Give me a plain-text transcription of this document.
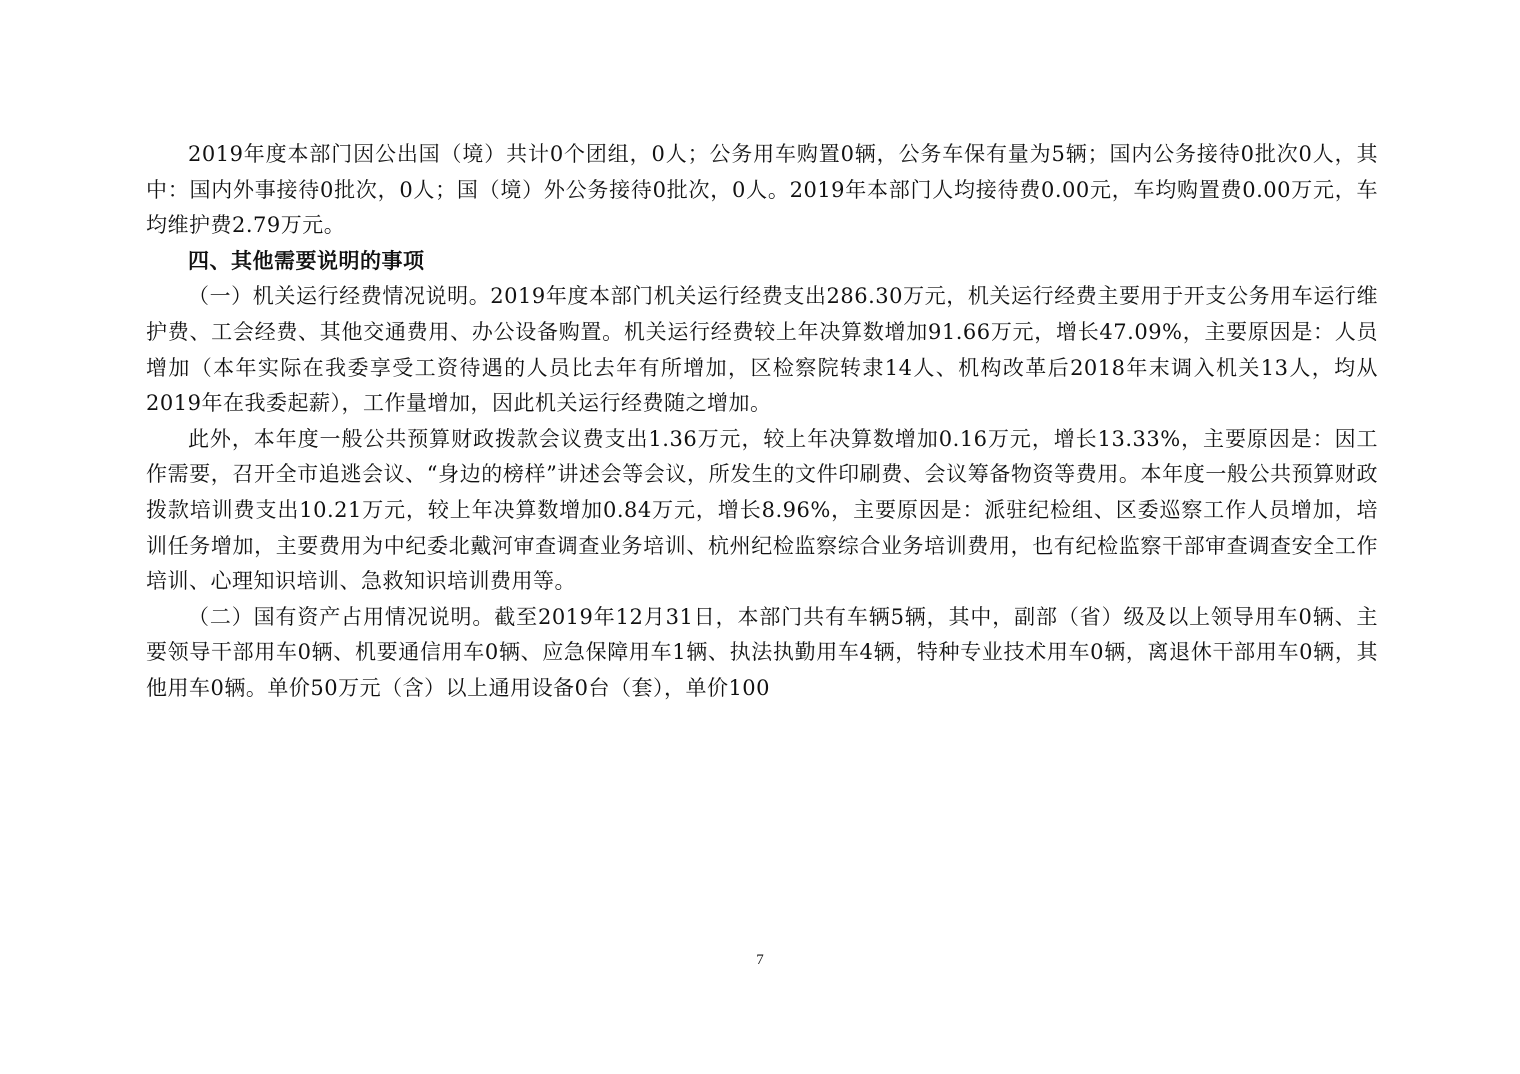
2019年度本部门因公出国（境）共计0个团组，0人；公务用车购置0辆，公务车保有量为5辆；国内公务接待0批次0人，其中：国内外事接待0批次，0人；国（境）外公务接待0批次，0人。2019年本部门人均接待费0.00元，车均购置费0.00万元，车均维护费2.79万元。

四、其他需要说明的事项

（一）机关运行经费情况说明。2019年度本部门机关运行经费支出286.30万元，机关运行经费主要用于开支公务用车运行维护费、工会经费、其他交通费用、办公设备购置。机关运行经费较上年决算数增加91.66万元，增长47.09%，主要原因是：人员增加（本年实际在我委享受工资待遇的人员比去年有所增加，区检察院转隶14人、机构改革后2018年末调入机关13人，均从2019年在我委起薪），工作量增加，因此机关运行经费随之增加。

此外，本年度一般公共预算财政拨款会议费支出1.36万元，较上年决算数增加0.16万元，增长13.33%，主要原因是：因工作需要，召开全市追逃会议、“身边的榜样”讲述会等会议，所发生的文件印刷费、会议筹备物资等费用。本年度一般公共预算财政拨款培训费支出10.21万元，较上年决算数增加0.84万元，增长8.96%，主要原因是：派驻纪检组、区委巡察工作人员增加，培训任务增加，主要费用为中纪委北戴河审查调查业务培训、杭州纪检监察综合业务培训费用，也有纪检监察干部审查调查安全工作培训、心理知识培训、急救知识培训费用等。

（二）国有资产占用情况说明。截至2019年12月31日，本部门共有车辆5辆，其中，副部（省）级及以上领导用车0辆、主要领导干部用车0辆、机要通信用车0辆、应急保障用车1辆、执法执勤用车4辆，特种专业技术用车0辆，离退休干部用车0辆，其他用车0辆。单价50万元（含）以上通用设备0台（套），单价100

7
